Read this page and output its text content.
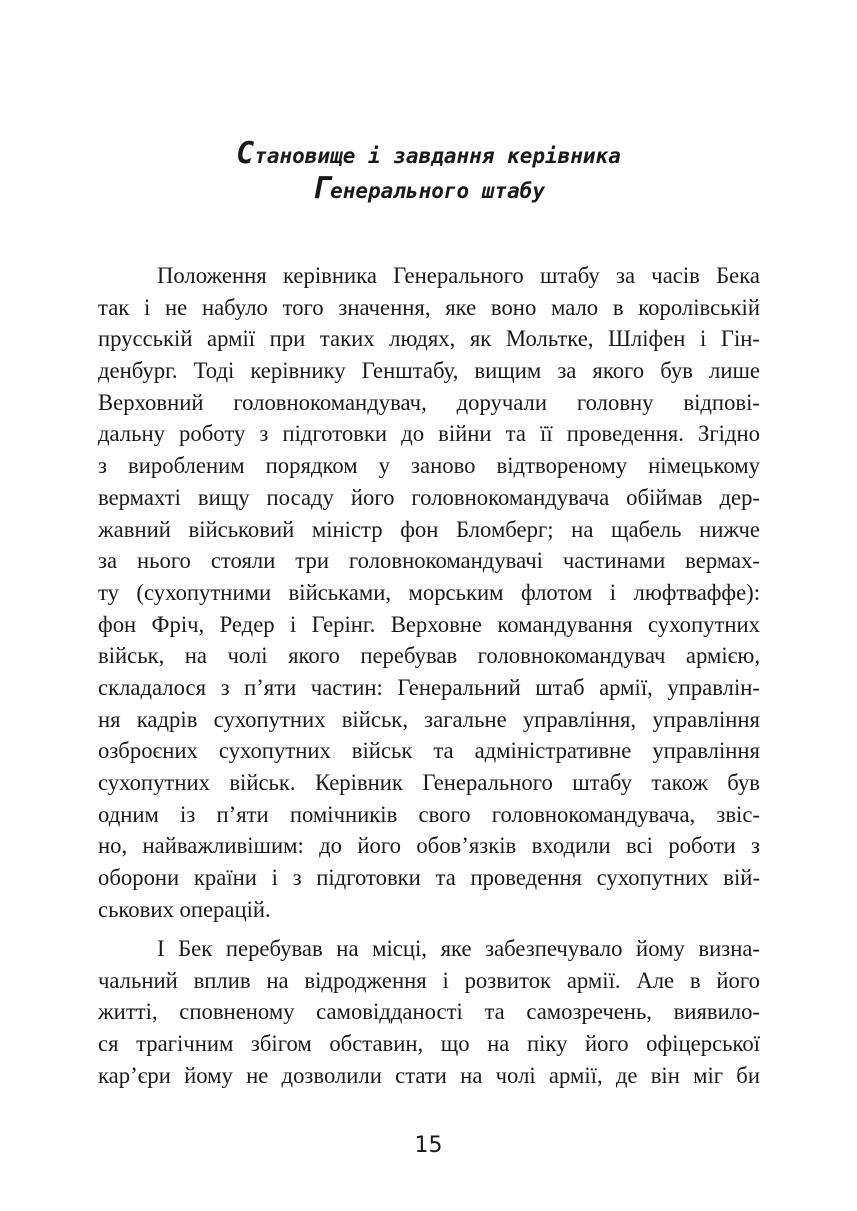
Становище і завдання керівника
Генерального штабу
Положення керівника Генерального штабу за часів Бека
так і не набуло того значення, яке воно мало в королівській
прусській армії при таких людях, як Мольтке, Шліфен і Гін-
денбург. Тоді керівнику Генштабу, вищим за якого був лише
Верховний головнокомандувач, доручали головну відпові-
дальну роботу з підготовки до війни та її проведення. Згідно
з виробленим порядком у заново відтвореному німецькому
вермахті вищу посаду його головнокомандувача обіймав дер-
жавний військовий міністр фон Бломберг; на щабель нижче
за нього стояли три головнокомандувачі частинами вермах-
ту (сухопутними військами, морським флотом і люфтваффе):
фон Фріч, Редер і Герінг. Верховне командування сухопутних
військ, на чолі якого перебував головнокомандувач армією,
складалося з п’яти частин: Генеральний штаб армії, управлін-
ня кадрів сухопутних військ, загальне управління, управління
озброєних сухопутних військ та адміністративне управління
сухопутних військ. Керівник Генерального штабу також був
одним із п’яти помічників свого головнокомандувача, звіс-
но, найважливішим: до його обов’язків входили всі роботи з
оборони країни і з підготовки та проведення сухопутних вій-
ськових операцій.
І Бек перебував на місці, яке забезпечувало йому визна-
чальний вплив на відродження і розвиток армії. Але в його
житті, сповненому самовідданості та самозречень, виявило-
ся трагічним збігом обставин, що на піку його офіцерської
кар’єри йому не дозволили стати на чолі армії, де він міг би
15
